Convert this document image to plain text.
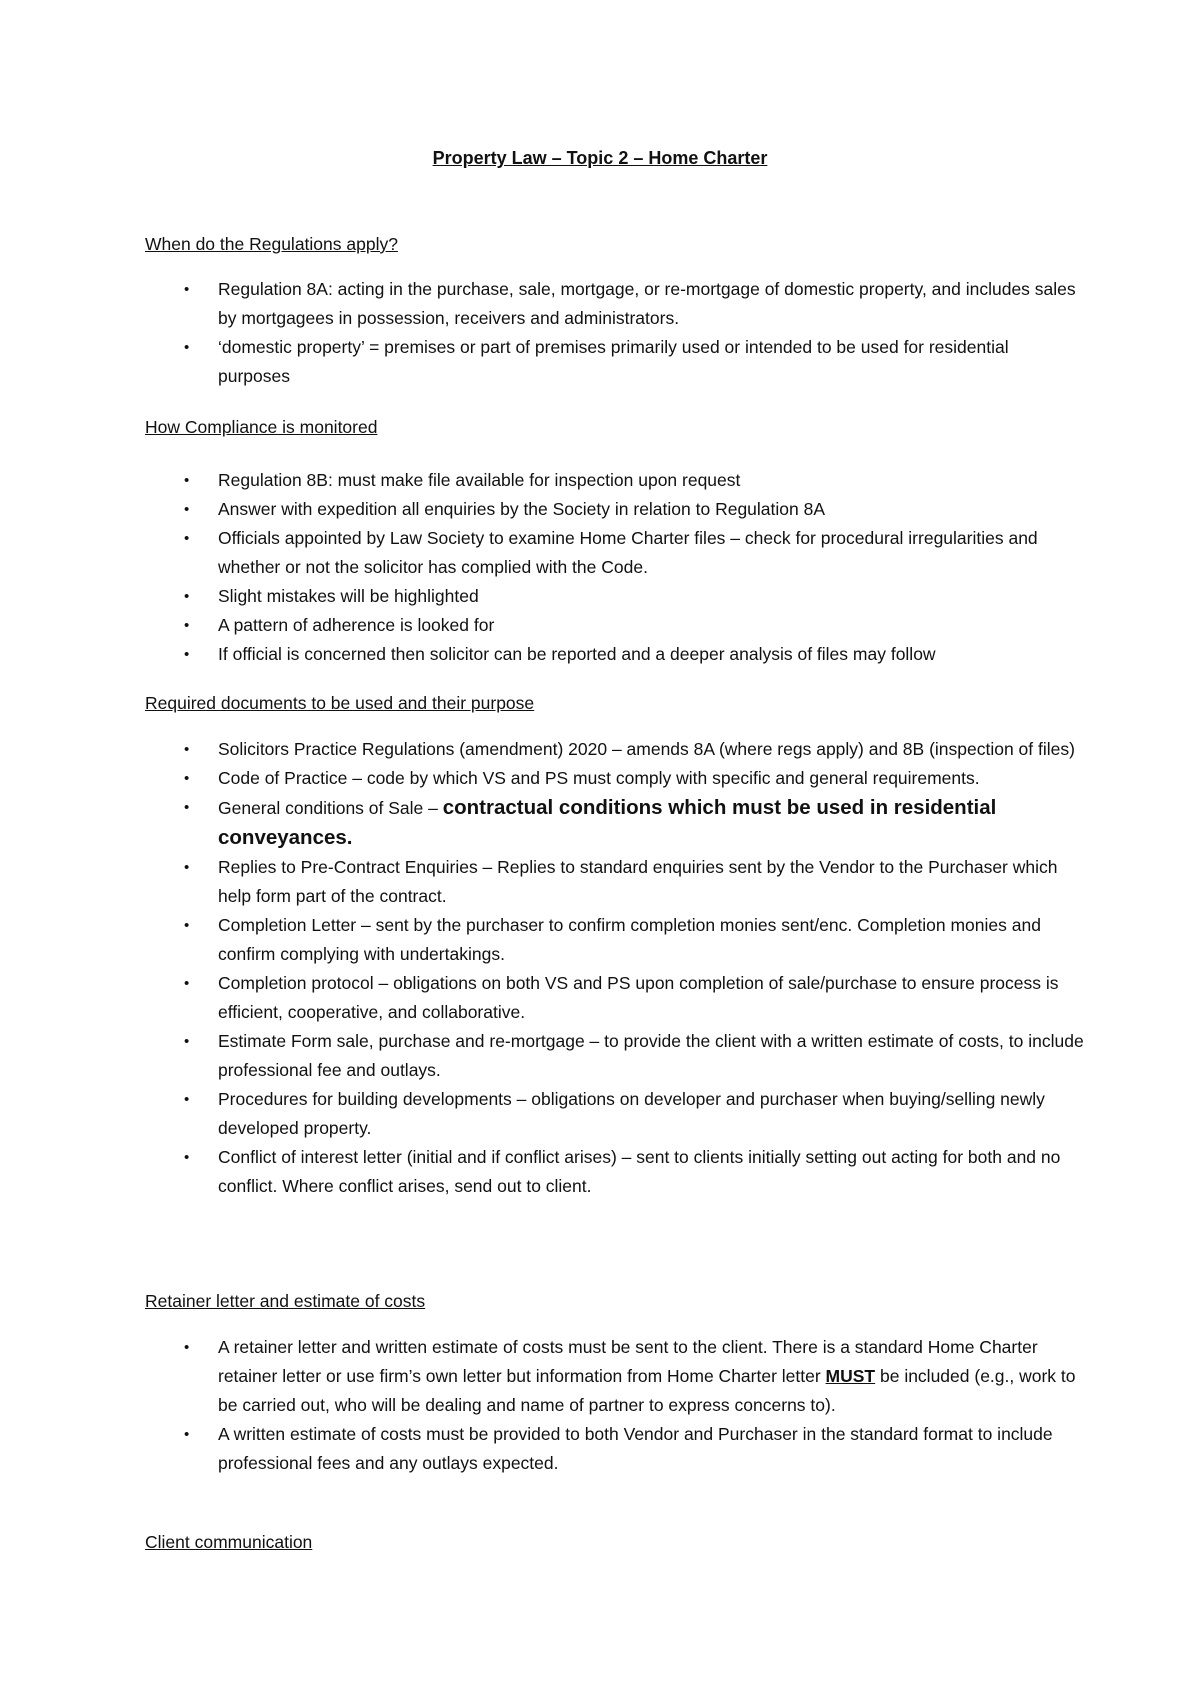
Property Law – Topic 2 – Home Charter
When do the Regulations apply?
• Regulation 8A: acting in the purchase, sale, mortgage, or re-mortgage of domestic property, and includes sales by mortgagees in possession, receivers and administrators.
• ‘domestic property’ = premises or part of premises primarily used or intended to be used for residential purposes
How Compliance is monitored
• Regulation 8B: must make file available for inspection upon request
• Answer with expedition all enquiries by the Society in relation to Regulation 8A
• Officials appointed by Law Society to examine Home Charter files – check for procedural irregularities and whether or not the solicitor has complied with the Code.
• Slight mistakes will be highlighted
• A pattern of adherence is looked for
• If official is concerned then solicitor can be reported and a deeper analysis of files may follow
Required documents to be used and their purpose
• Solicitors Practice Regulations (amendment) 2020 – amends 8A (where regs apply) and 8B (inspection of files)
• Code of Practice – code by which VS and PS must comply with specific and general requirements.
• General conditions of Sale – contractual conditions which must be used in residential conveyances.
• Replies to Pre-Contract Enquiries – Replies to standard enquiries sent by the Vendor to the Purchaser which help form part of the contract.
• Completion Letter – sent by the purchaser to confirm completion monies sent/enc. Completion monies and confirm complying with undertakings.
• Completion protocol – obligations on both VS and PS upon completion of sale/purchase to ensure process is efficient, cooperative, and collaborative.
• Estimate Form sale, purchase and re-mortgage – to provide the client with a written estimate of costs, to include professional fee and outlays.
• Procedures for building developments – obligations on developer and purchaser when buying/selling newly developed property.
• Conflict of interest letter (initial and if conflict arises) – sent to clients initially setting out acting for both and no conflict. Where conflict arises, send out to client.
Retainer letter and estimate of costs
• A retainer letter and written estimate of costs must be sent to the client. There is a standard Home Charter retainer letter or use firm’s own letter but information from Home Charter letter MUST be included (e.g., work to be carried out, who will be dealing and name of partner to express concerns to).
• A written estimate of costs must be provided to both Vendor and Purchaser in the standard format to include professional fees and any outlays expected.
Client communication
